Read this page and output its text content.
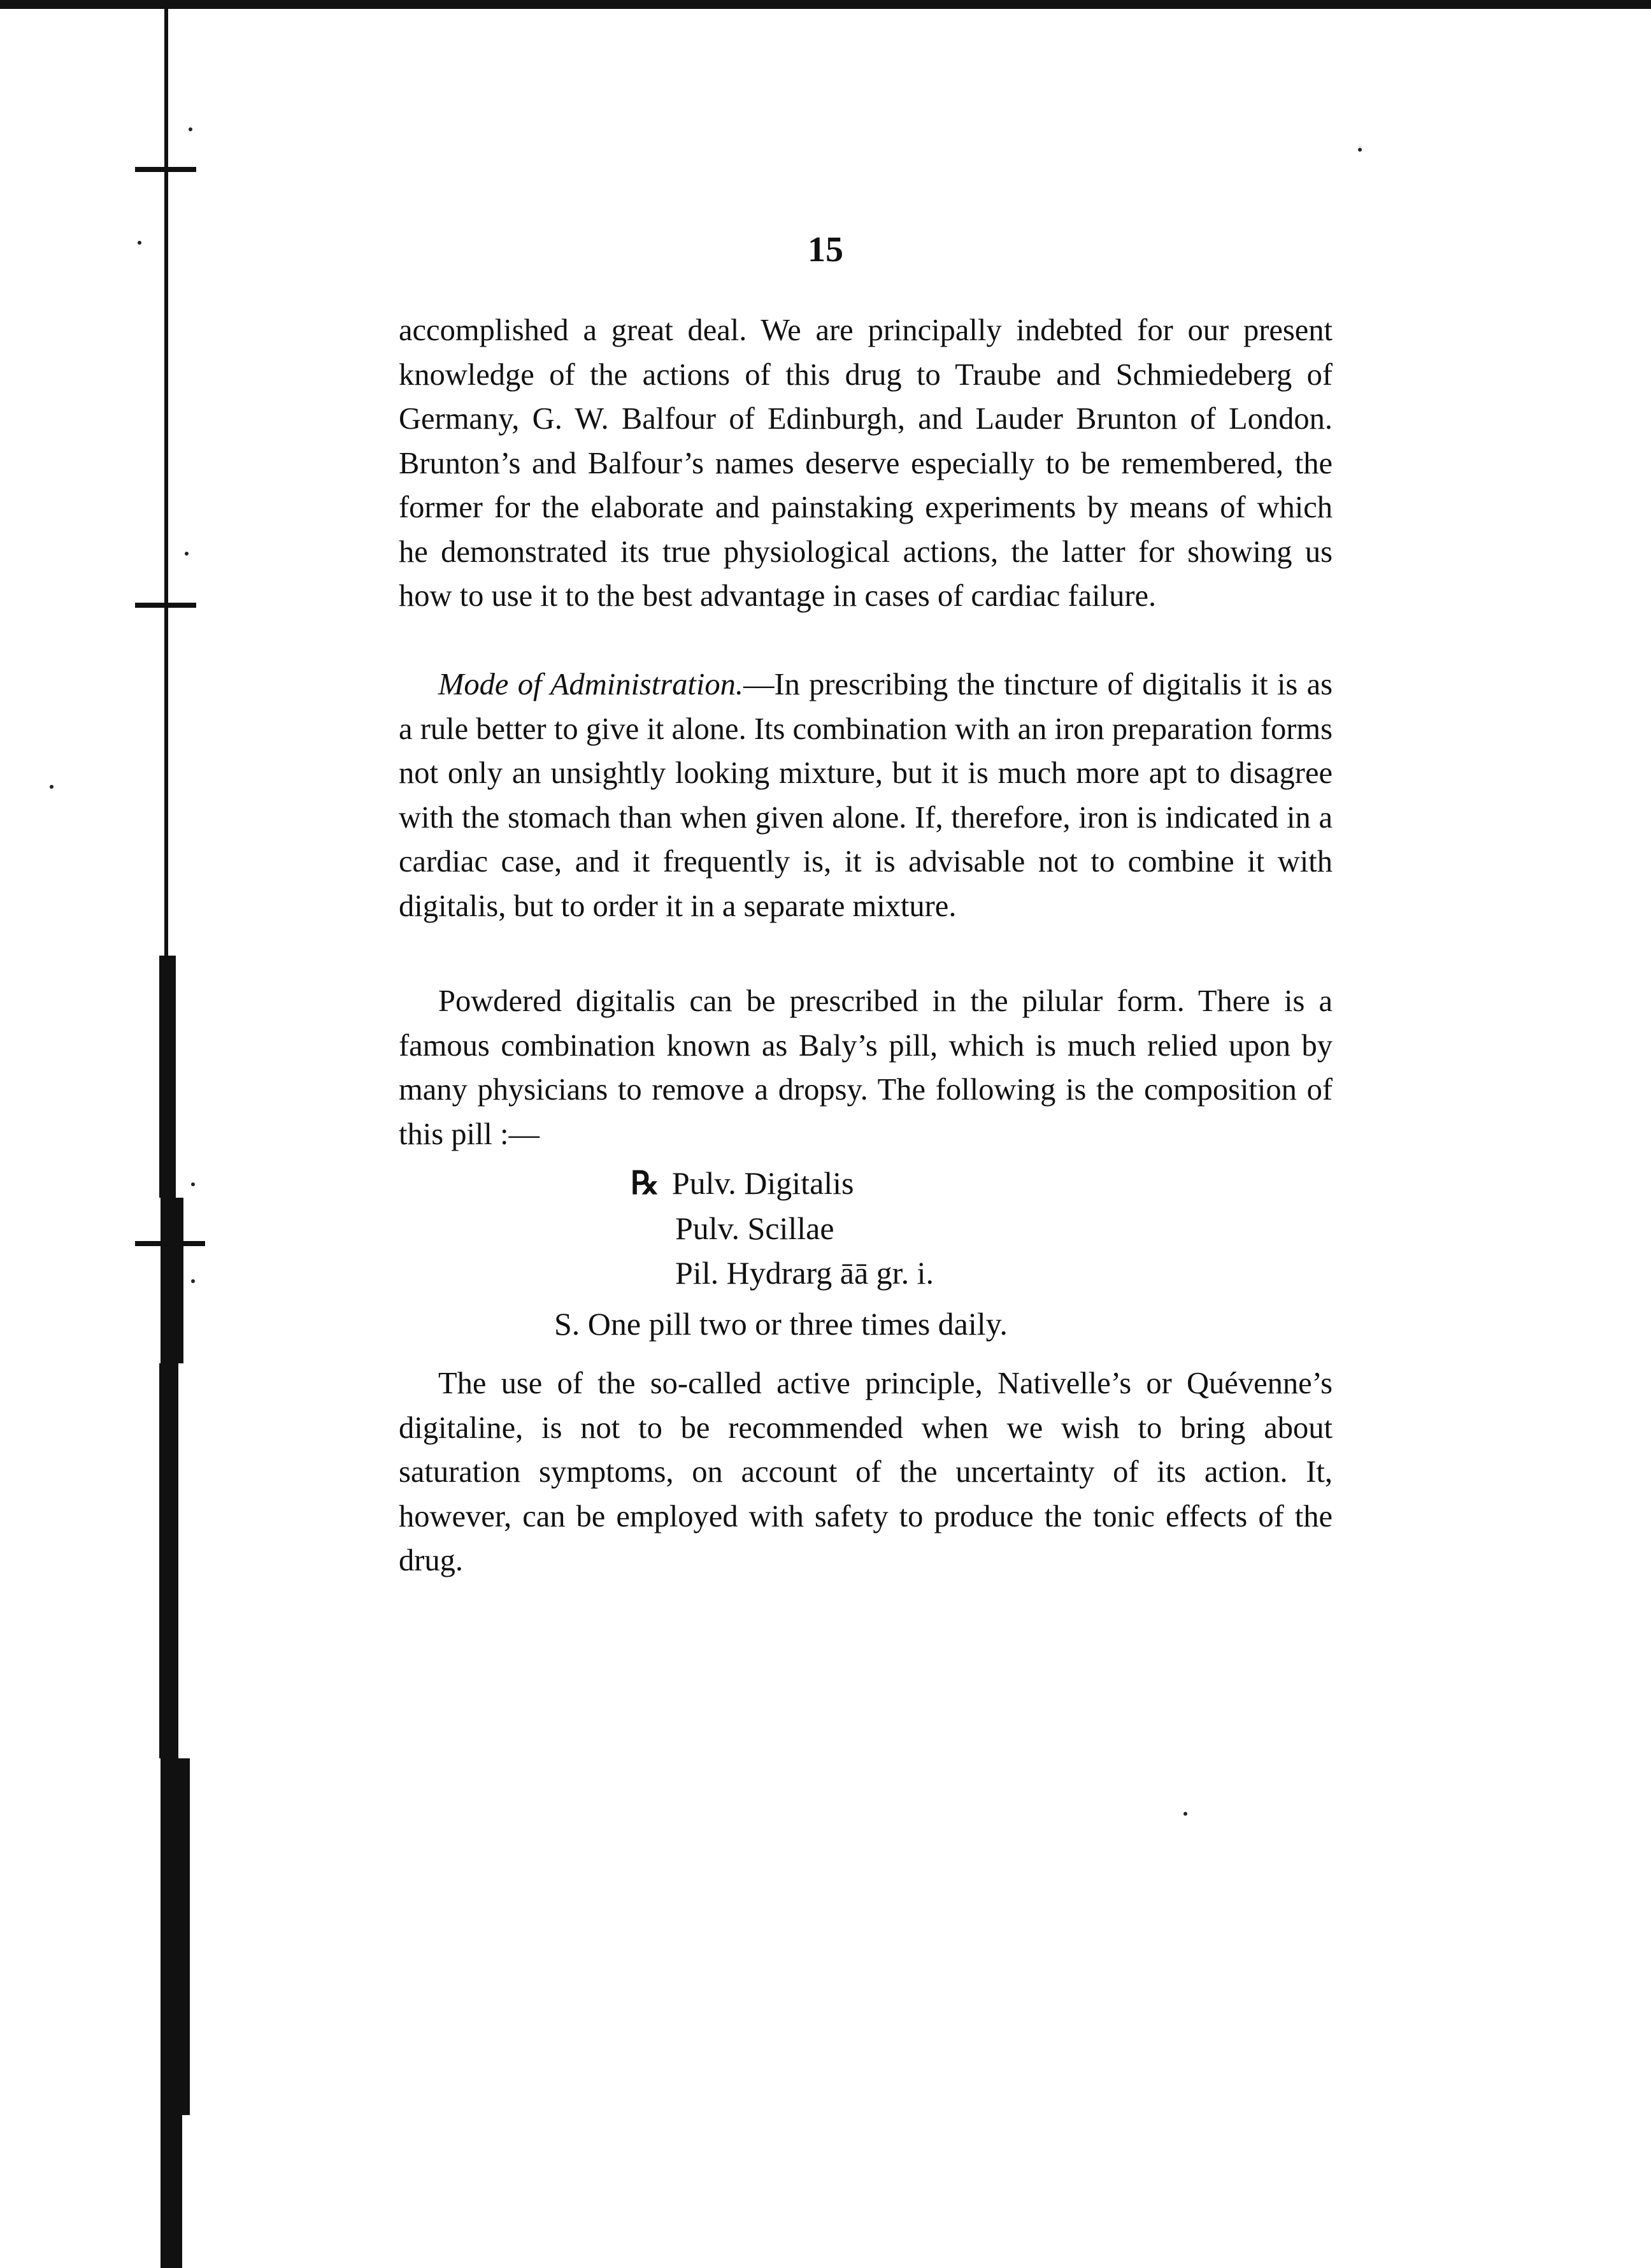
15

accomplished a great deal. We are principally indebted for our present knowledge of the actions of this drug to Traube and Schmiedeberg of Germany, G. W. Balfour of Edinburgh, and Lauder Brunton of London. Brunton’s and Balfour’s names deserve especially to be remembered, the former for the elaborate and painstaking experiments by means of which he demonstrated its true physiological actions, the latter for showing us how to use it to the best advantage in cases of cardiac failure.

Mode of Administration.—In prescribing the tincture of digitalis it is as a rule better to give it alone. Its combination with an iron preparation forms not only an unsightly looking mixture, but it is much more apt to disagree with the stomach than when given alone. If, therefore, iron is indicated in a cardiac case, and it frequently is, it is advisable not to combine it with digitalis, but to order it in a separate mixture.

Powdered digitalis can be prescribed in the pilular form. There is a famous combination known as Baly’s pill, which is much relied upon by many physicians to remove a dropsy. The following is the composition of this pill :—

℞ Pulv. Digitalis
Pulv. Scillae
Pil. Hydrarg āā gr. i.
S. One pill two or three times daily.

The use of the so-called active principle, Nativelle’s or Quévenne’s digitaline, is not to be recommended when we wish to bring about saturation symptoms, on account of the uncertainty of its action. It, however, can be employed with safety to produce the tonic effects of the drug.
